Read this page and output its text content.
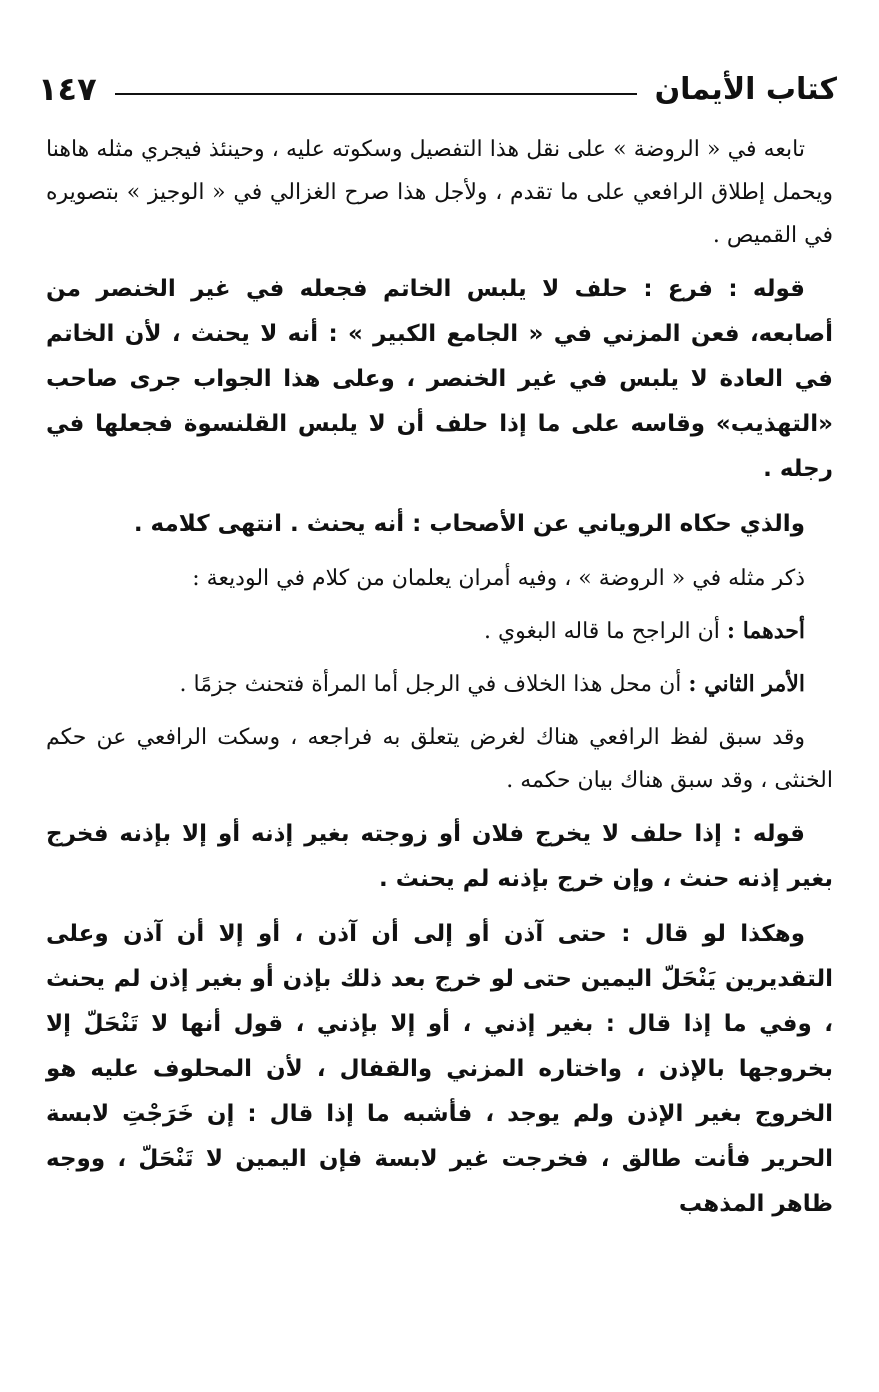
كتاب الأيمان
١٤٧

تابعه في « الروضة » على نقل هذا التفصيل وسكوته عليه ، وحينئذ فيجري مثله هاهنا ويحمل إطلاق الرافعي على ما تقدم ، ولأجل هذا صرح الغزالي في « الوجيز » بتصويره في القميص .

قوله : فرع : حلف لا يلبس الخاتم فجعله في غير الخنصر من أصابعه، فعن المزني في « الجامع الكبير » : أنه لا يحنث ، لأن الخاتم في العادة لا يلبس في غير الخنصر ، وعلى هذا الجواب جرى صاحب «التهذيب» وقاسه على ما إذا حلف أن لا يلبس القلنسوة فجعلها في رجله .

والذي حكاه الروياني عن الأصحاب : أنه يحنث . انتهى كلامه .

ذكر مثله في « الروضة » ، وفيه أمران يعلمان من كلام في الوديعة :

أحدهما : أن الراجح ما قاله البغوي .

الأمر الثاني : أن محل هذا الخلاف في الرجل أما المرأة فتحنث جزمًا .

وقد سبق لفظ الرافعي هناك لغرض يتعلق به فراجعه ، وسكت الرافعي عن حكم الخنثى ، وقد سبق هناك بيان حكمه .

قوله : إذا حلف لا يخرج فلان أو زوجته بغير إذنه أو إلا بإذنه فخرج بغير إذنه حنث ، وإن خرج بإذنه لم يحنث .

وهكذا لو قال : حتى آذن أو إلى أن آذن ، أو إلا أن آذن وعلى التقديرين يَنْحَلّ اليمين حتى لو خرج بعد ذلك بإذن أو بغير إذن لم يحنث ، وفي ما إذا قال : بغير إذني ، أو إلا بإذني ، قول أنها لا تَنْحَلّ إلا بخروجها بالإذن ، واختاره المزني والقفال ، لأن المحلوف عليه هو الخروج بغير الإذن ولم يوجد ، فأشبه ما إذا قال : إن خَرَجْتِ لابسة الحرير فأنت طالق ، فخرجت غير لابسة فإن اليمين لا تَنْحَلّ ، ووجه ظاهر المذهب
